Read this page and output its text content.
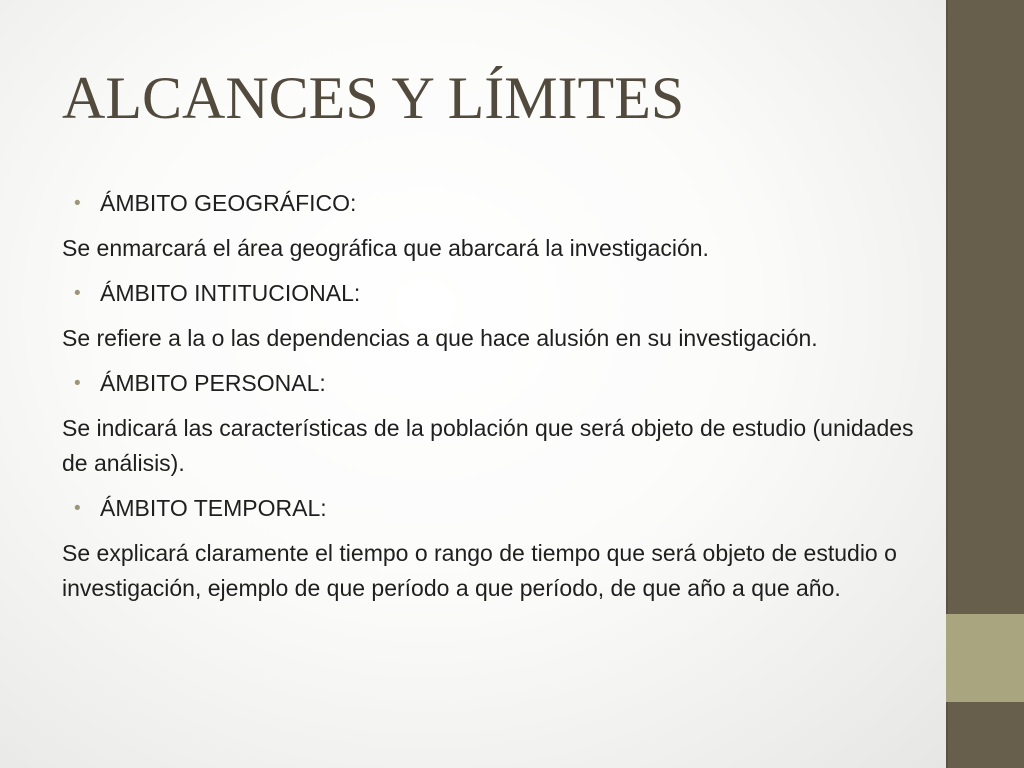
ALCANCES Y LÍMITES
• ÁMBITO GEOGRÁFICO:
Se enmarcará el área geográfica que abarcará la investigación.
• ÁMBITO INTITUCIONAL:
Se refiere a la o las dependencias a que hace alusión en su investigación.
• ÁMBITO PERSONAL:
Se indicará las características de la población que será objeto de estudio (unidades de análisis).
• ÁMBITO TEMPORAL:
Se explicará claramente el tiempo o rango de tiempo que será objeto de estudio o investigación, ejemplo de que período a que período, de que año a que año.
